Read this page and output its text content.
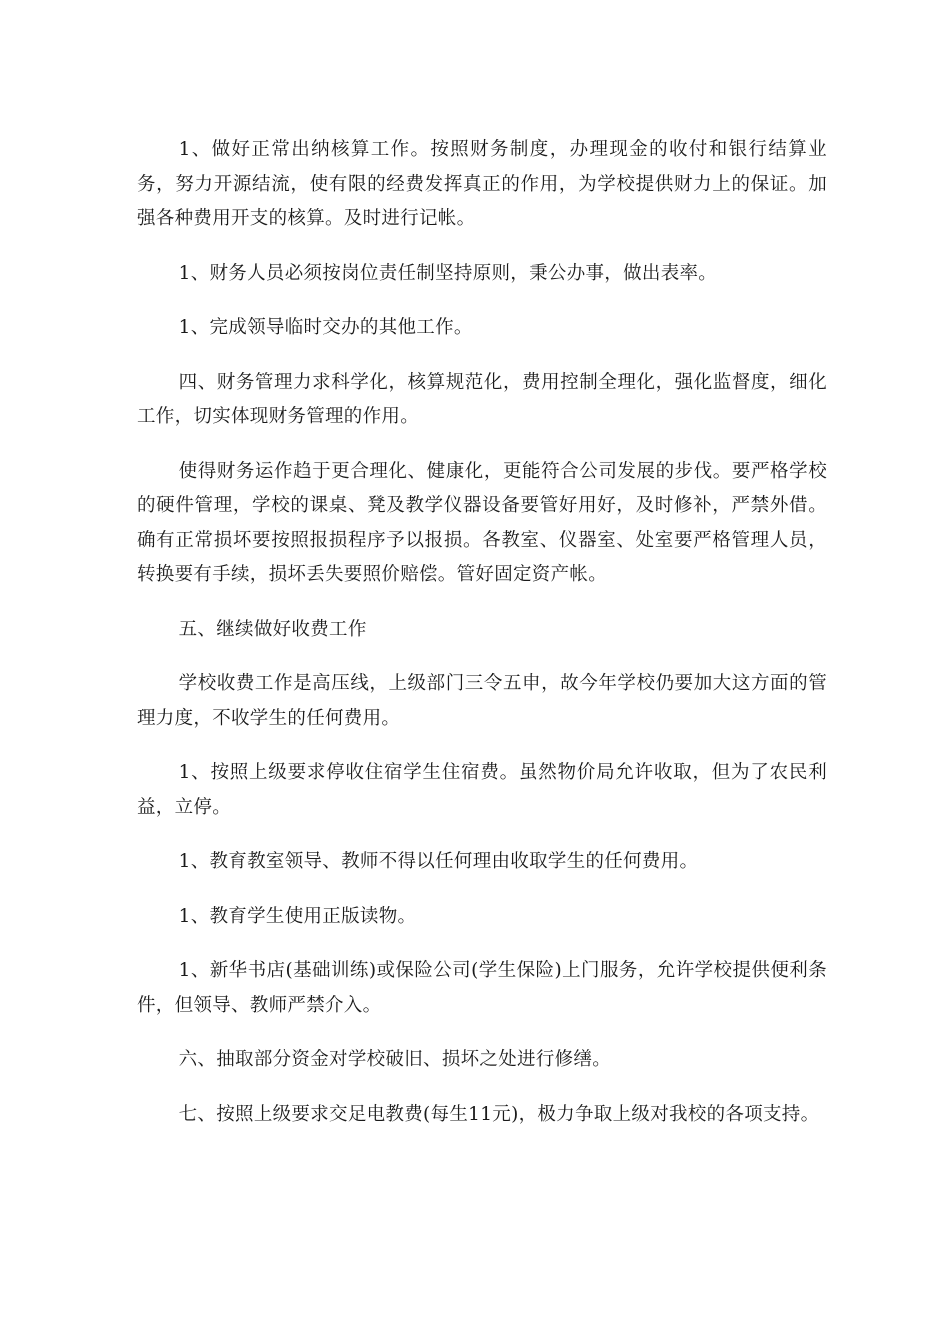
1、做好正常出纳核算工作。按照财务制度，办理现金的收付和银行结算业务，努力开源结流，使有限的经费发挥真正的作用，为学校提供财力上的保证。加强各种费用开支的核算。及时进行记帐。

1、财务人员必须按岗位责任制坚持原则，秉公办事，做出表率。

1、完成领导临时交办的其他工作。

四、财务管理力求科学化，核算规范化，费用控制全理化，强化监督度，细化工作，切实体现财务管理的作用。

使得财务运作趋于更合理化、健康化，更能符合公司发展的步伐。要严格学校的硬件管理，学校的课桌、凳及教学仪器设备要管好用好，及时修补，严禁外借。确有正常损坏要按照报损程序予以报损。各教室、仪器室、处室要严格管理人员，转换要有手续，损坏丢失要照价赔偿。管好固定资产帐。

五、继续做好收费工作

学校收费工作是高压线，上级部门三令五申，故今年学校仍要加大这方面的管理力度，不收学生的任何费用。

1、按照上级要求停收住宿学生住宿费。虽然物价局允许收取，但为了农民利益，立停。

1、教育教室领导、教师不得以任何理由收取学生的任何费用。

1、教育学生使用正版读物。

1、新华书店(基础训练)或保险公司(学生保险)上门服务，允许学校提供便利条件，但领导、教师严禁介入。

六、抽取部分资金对学校破旧、损坏之处进行修缮。

七、按照上级要求交足电教费(每生11元)，极力争取上级对我校的各项支持。
